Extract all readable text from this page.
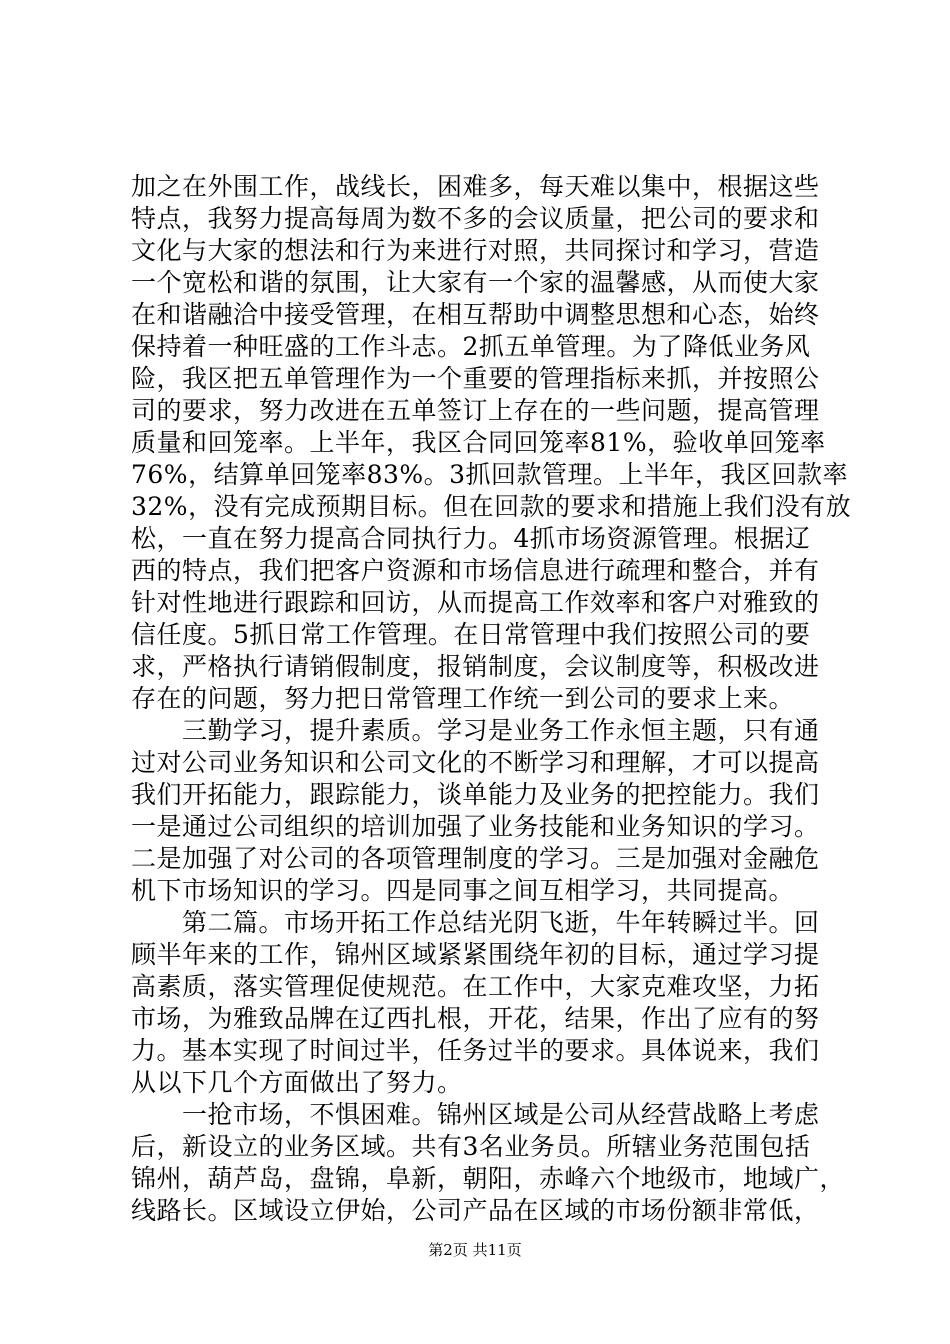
加之在外围工作，战线长，困难多，每天难以集中，根据这些
特点，我努力提高每周为数不多的会议质量，把公司的要求和
文化与大家的想法和行为来进行对照，共同探讨和学习，营造
一个宽松和谐的氛围，让大家有一个家的温馨感，从而使大家
在和谐融洽中接受管理，在相互帮助中调整思想和心态，始终
保持着一种旺盛的工作斗志。2抓五单管理。为了降低业务风
险，我区把五单管理作为一个重要的管理指标来抓，并按照公
司的要求，努力改进在五单签订上存在的一些问题，提高管理
质量和回笼率。上半年，我区合同回笼率81%，验收单回笼率
76%，结算单回笼率83%。3抓回款管理。上半年，我区回款率
32%，没有完成预期目标。但在回款的要求和措施上我们没有放
松，一直在努力提高合同执行力。4抓市场资源管理。根据辽
西的特点，我们把客户资源和市场信息进行疏理和整合，并有
针对性地进行跟踪和回访，从而提高工作效率和客户对雅致的
信任度。5抓日常工作管理。在日常管理中我们按照公司的要
求，严格执行请销假制度，报销制度，会议制度等，积极改进
存在的问题，努力把日常管理工作统一到公司的要求上来。
　　三勤学习，提升素质。学习是业务工作永恒主题，只有通
过对公司业务知识和公司文化的不断学习和理解，才可以提高
我们开拓能力，跟踪能力，谈单能力及业务的把控能力。我们
一是通过公司组织的培训加强了业务技能和业务知识的学习。
二是加强了对公司的各项管理制度的学习。三是加强对金融危
机下市场知识的学习。四是同事之间互相学习，共同提高。
　　第二篇。市场开拓工作总结光阴飞逝，牛年转瞬过半。回
顾半年来的工作，锦州区域紧紧围绕年初的目标，通过学习提
高素质，落实管理促使规范。在工作中，大家克难攻坚，力拓
市场，为雅致品牌在辽西扎根，开花，结果，作出了应有的努
力。基本实现了时间过半，任务过半的要求。具体说来，我们
从以下几个方面做出了努力。
　　一抢市场，不惧困难。锦州区域是公司从经营战略上考虑
后，新设立的业务区域。共有3名业务员。所辖业务范围包括
锦州，葫芦岛，盘锦，阜新，朝阳，赤峰六个地级市，地域广，
线路长。区域设立伊始，公司产品在区域的市场份额非常低，
第2页 共11页
